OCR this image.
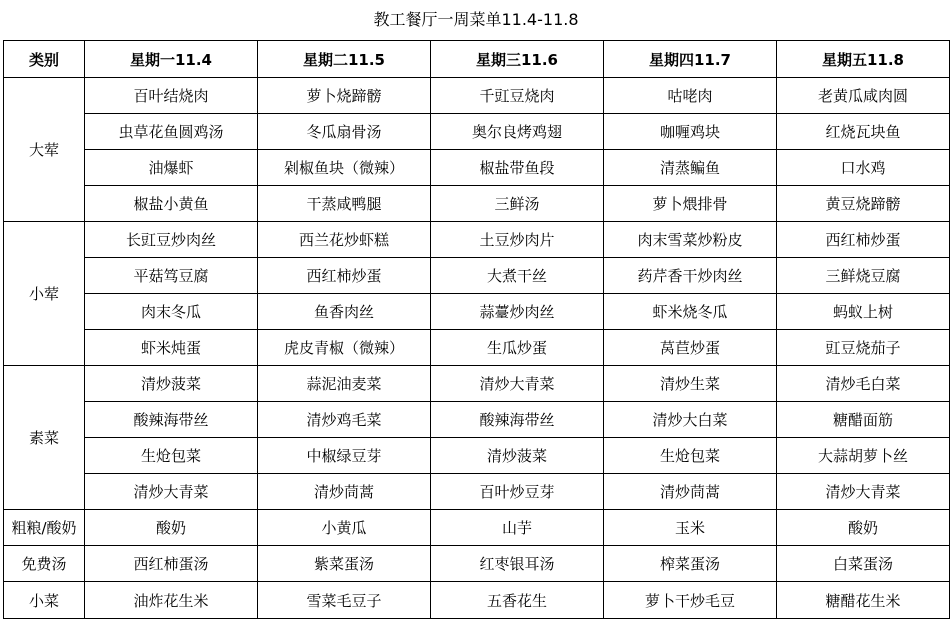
教工餐厅一周菜单11.4-11.8
类别	星期一11.4	星期二11.5	星期三11.6	星期四11.7	星期五11.8
大荤	百叶结烧肉	萝卜烧蹄髈	千豇豆烧肉	咕咾肉	老黄瓜咸肉圆
	虫草花鱼圆鸡汤	冬瓜扇骨汤	奥尔良烤鸡翅	咖喱鸡块	红烧瓦块鱼
	油爆虾	剁椒鱼块（微辣）	椒盐带鱼段	清蒸鳊鱼	口水鸡
	椒盐小黄鱼	干蒸咸鸭腿	三鲜汤	萝卜煨排骨	黄豆烧蹄髈
小荤	长豇豆炒肉丝	西兰花炒虾糕	土豆炒肉片	肉末雪菜炒粉皮	西红柿炒蛋
	平菇笃豆腐	西红柿炒蛋	大煮干丝	药芹香干炒肉丝	三鲜烧豆腐
	肉末冬瓜	鱼香肉丝	蒜薹炒肉丝	虾米烧冬瓜	蚂蚁上树
	虾米炖蛋	虎皮青椒（微辣）	生瓜炒蛋	莴苣炒蛋	豇豆烧茄子
素菜	清炒菠菜	蒜泥油麦菜	清炒大青菜	清炒生菜	清炒毛白菜
	酸辣海带丝	清炒鸡毛菜	酸辣海带丝	清炒大白菜	糖醋面筋
	生炝包菜	中椒绿豆芽	清炒菠菜	生炝包菜	大蒜胡萝卜丝
	清炒大青菜	清炒茼蒿	百叶炒豆芽	清炒茼蒿	清炒大青菜
粗粮/酸奶	酸奶	小黄瓜	山芋	玉米	酸奶
免费汤	西红柿蛋汤	紫菜蛋汤	红枣银耳汤	榨菜蛋汤	白菜蛋汤
小菜	油炸花生米	雪菜毛豆子	五香花生	萝卜干炒毛豆	糖醋花生米
